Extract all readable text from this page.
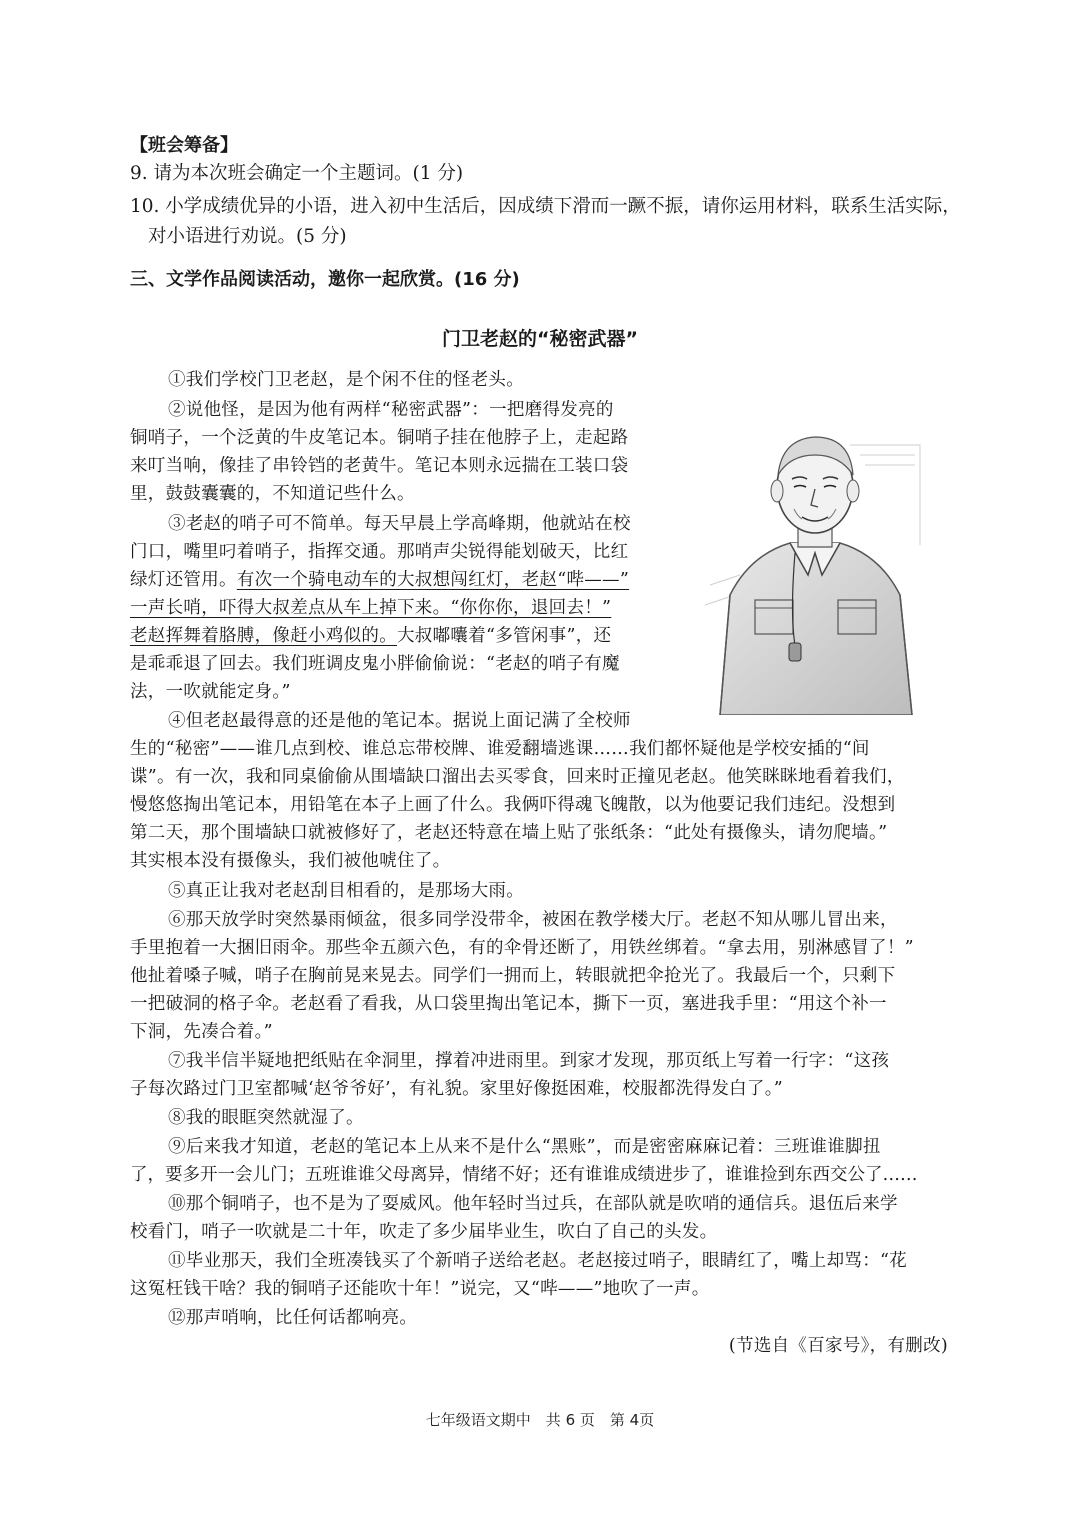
【班会筹备】
9. 请为本次班会确定一个主题词。(1 分)
10. 小学成绩优异的小语，进入初中生活后，因成绩下滑而一蹶不振，请你运用材料，联系生活实际，
对小语进行劝说。(5 分)
三、文学作品阅读活动，邀你一起欣赏。(16 分)
门卫老赵的“秘密武器”
①我们学校门卫老赵，是个闲不住的怪老头。
②说他怪，是因为他有两样“秘密武器”：一把磨得发亮的
铜哨子，一个泛黄的牛皮笔记本。铜哨子挂在他脖子上，走起路
来叮当响，像挂了串铃铛的老黄牛。笔记本则永远揣在工装口袋
里，鼓鼓囊囊的，不知道记些什么。
③老赵的哨子可不简单。每天早晨上学高峰期，他就站在校
门口，嘴里叼着哨子，指挥交通。那哨声尖锐得能划破天，比红
绿灯还管用。有次一个骑电动车的大叔想闯红灯，老赵“哔——”
一声长哨，吓得大叔差点从车上掉下来。“你你你，退回去！”
老赵挥舞着胳膊，像赶小鸡似的。大叔嘟囔着“多管闲事”，还
是乖乖退了回去。我们班调皮鬼小胖偷偷说：“老赵的哨子有魔
法，一吹就能定身。”
④但老赵最得意的还是他的笔记本。据说上面记满了全校师
生的“秘密”——谁几点到校、谁总忘带校牌、谁爱翻墙逃课……我们都怀疑他是学校安插的“间
谍”。有一次，我和同桌偷偷从围墙缺口溜出去买零食，回来时正撞见老赵。他笑眯眯地看着我们，
慢悠悠掏出笔记本，用铅笔在本子上画了什么。我俩吓得魂飞魄散，以为他要记我们违纪。没想到
第二天，那个围墙缺口就被修好了，老赵还特意在墙上贴了张纸条：“此处有摄像头，请勿爬墙。”
其实根本没有摄像头，我们被他唬住了。
⑤真正让我对老赵刮目相看的，是那场大雨。
⑥那天放学时突然暴雨倾盆，很多同学没带伞，被困在教学楼大厅。老赵不知从哪儿冒出来，
手里抱着一大捆旧雨伞。那些伞五颜六色，有的伞骨还断了，用铁丝绑着。“拿去用，别淋感冒了！”
他扯着嗓子喊，哨子在胸前晃来晃去。同学们一拥而上，转眼就把伞抢光了。我最后一个，只剩下
一把破洞的格子伞。老赵看了看我，从口袋里掏出笔记本，撕下一页，塞进我手里：“用这个补一
下洞，先凑合着。”
⑦我半信半疑地把纸贴在伞洞里，撑着冲进雨里。到家才发现，那页纸上写着一行字：“这孩
子每次路过门卫室都喊‘赵爷爷好’，有礼貌。家里好像挺困难，校服都洗得发白了。”
⑧我的眼眶突然就湿了。
⑨后来我才知道，老赵的笔记本上从来不是什么“黑账”，而是密密麻麻记着：三班谁谁脚扭
了，要多开一会儿门；五班谁谁父母离异，情绪不好；还有谁谁成绩进步了，谁谁捡到东西交公了……
⑩那个铜哨子，也不是为了耍威风。他年轻时当过兵，在部队就是吹哨的通信兵。退伍后来学
校看门，哨子一吹就是二十年，吹走了多少届毕业生，吹白了自己的头发。
⑪毕业那天，我们全班凑钱买了个新哨子送给老赵。老赵接过哨子，眼睛红了，嘴上却骂：“花
这冤枉钱干啥？我的铜哨子还能吹十年！”说完，又“哔——”地吹了一声。
⑫那声哨响，比任何话都响亮。
(节选自《百家号》，有删改)
七年级语文期中　共 6 页　第 4页
